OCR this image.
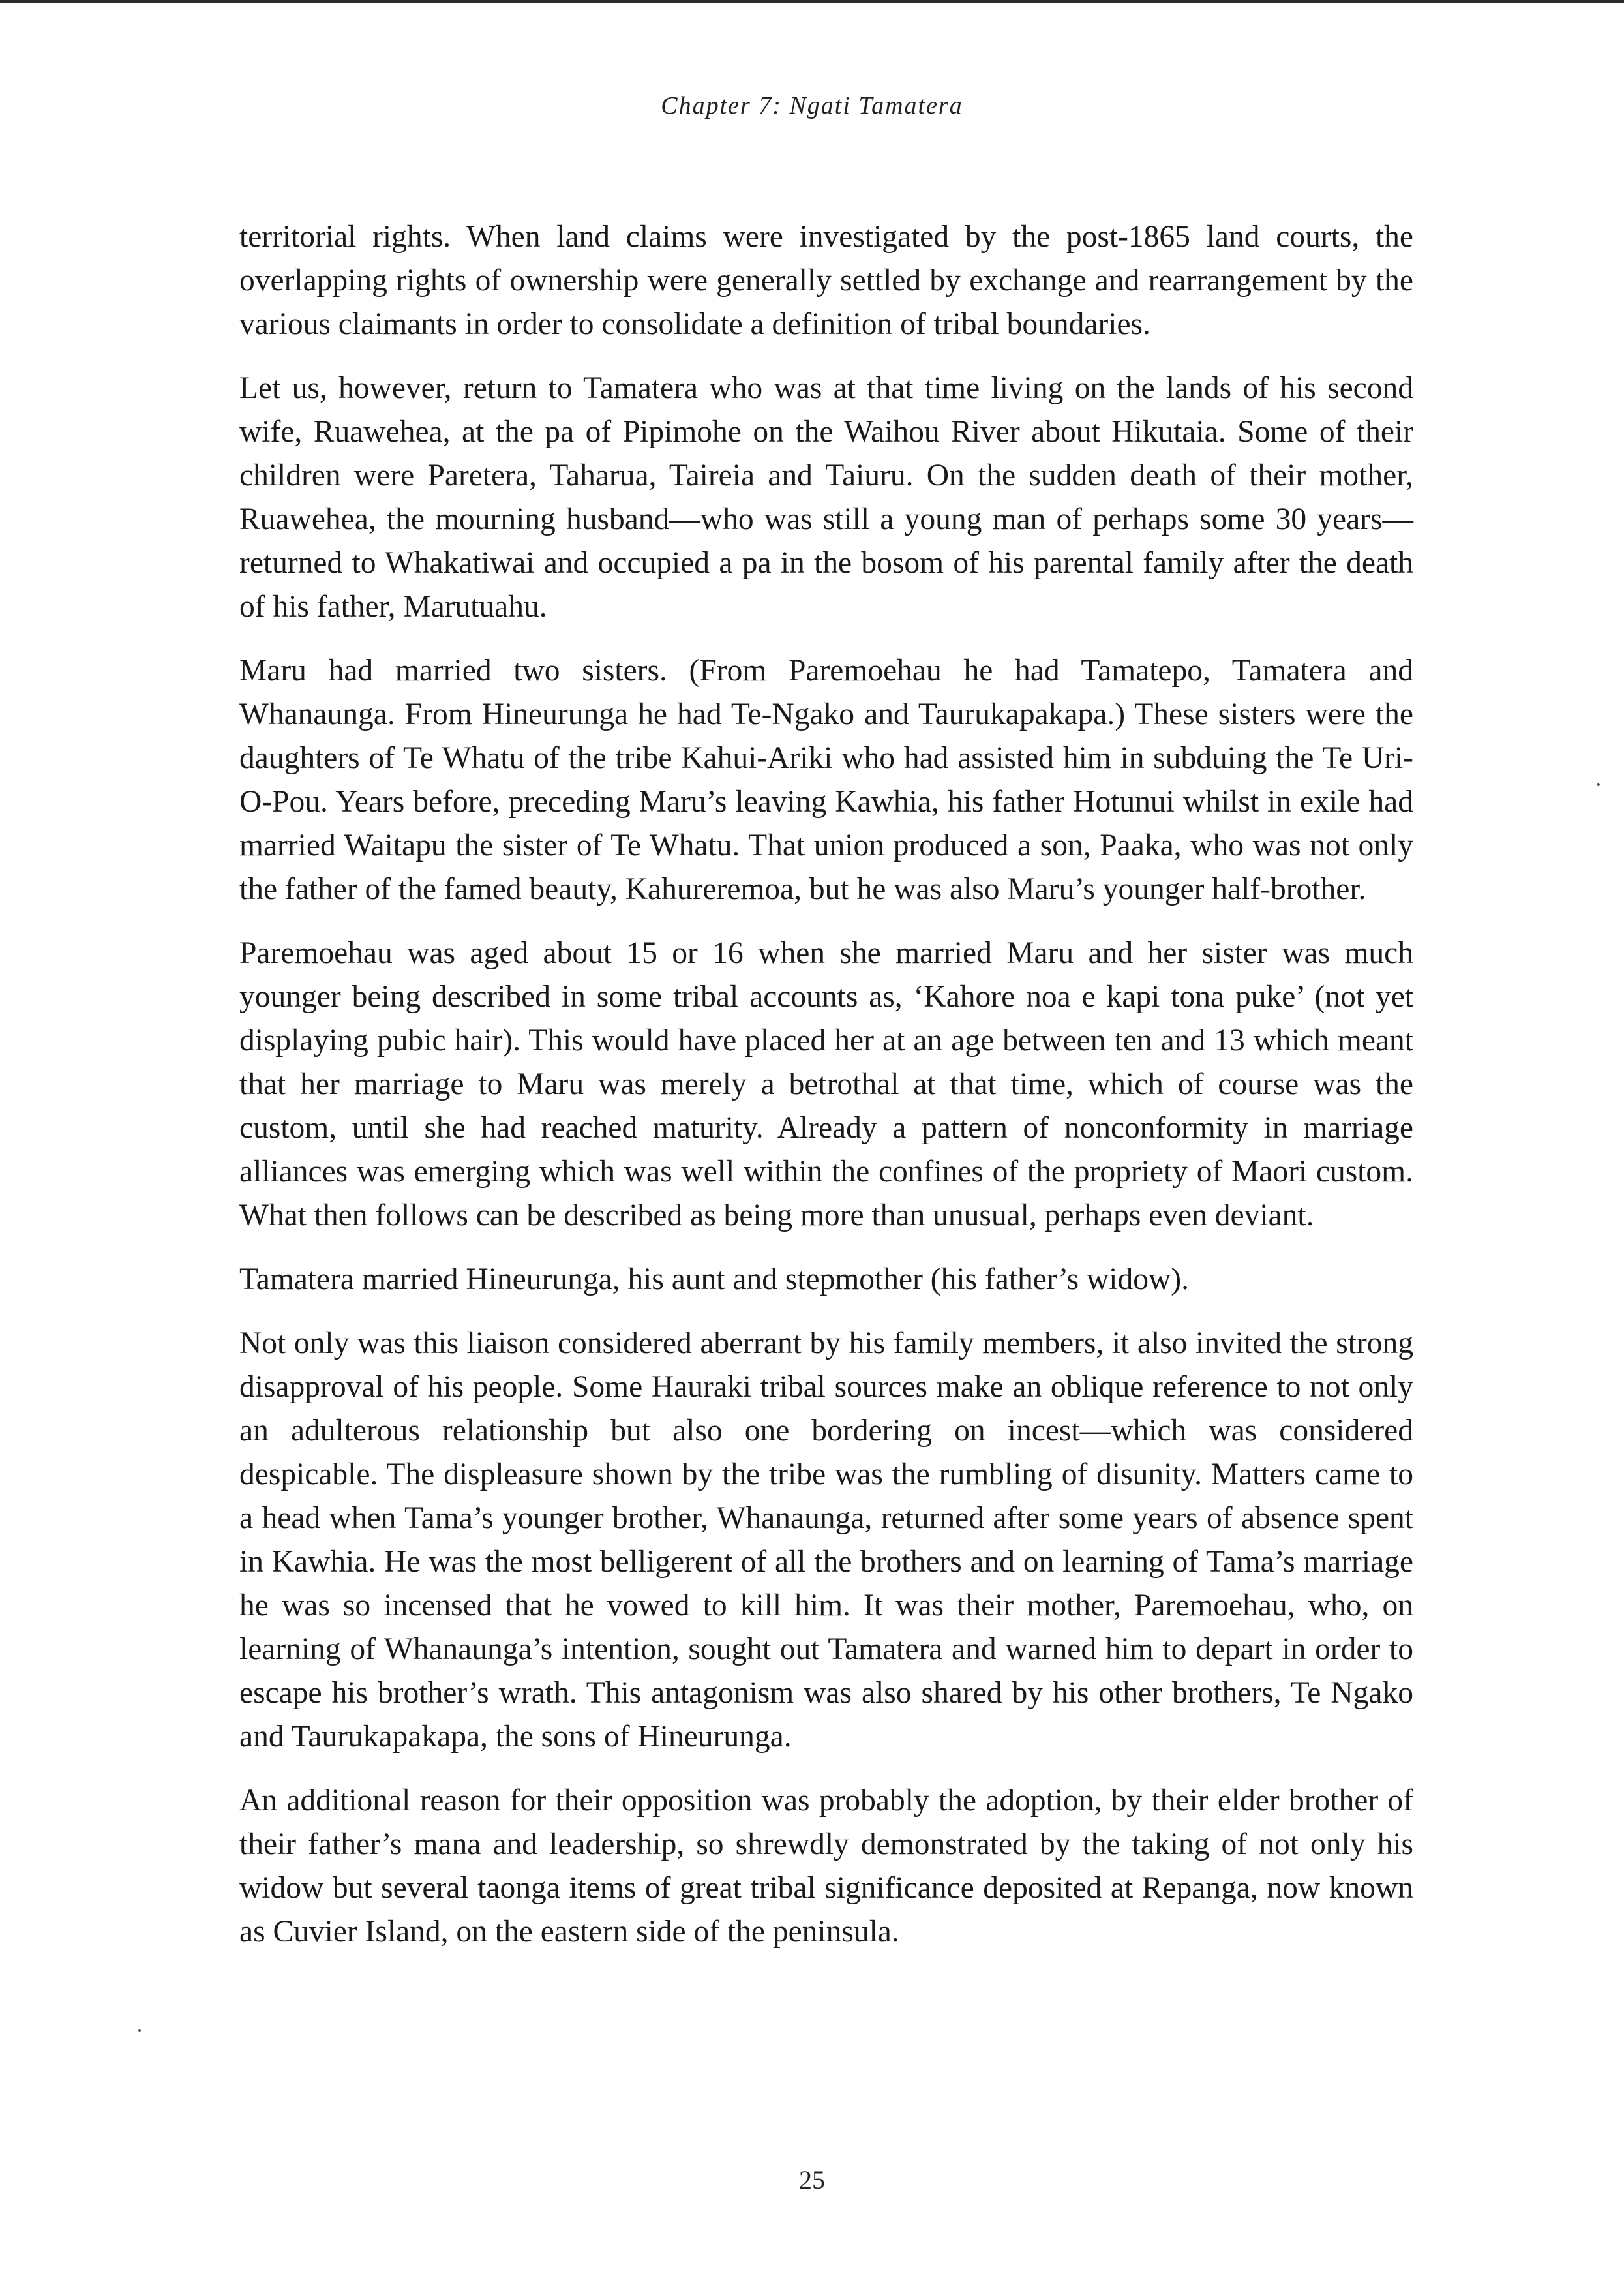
Chapter 7: Ngati Tamatera

territorial rights. When land claims were investigated by the post-1865 land courts, the overlapping rights of ownership were generally settled by exchange and rearrangement by the various claimants in order to consolidate a definition of tribal boundaries.

Let us, however, return to Tamatera who was at that time living on the lands of his second wife, Ruawehea, at the pa of Pipimohe on the Waihou River about Hikutaia. Some of their children were Paretera, Taharua, Taireia and Taiuru. On the sudden death of their mother, Ruawehea, the mourning husband—who was still a young man of perhaps some 30 years—returned to Whakatiwai and occupied a pa in the bosom of his parental family after the death of his father, Marutuahu.

Maru had married two sisters. (From Paremoehau he had Tamatepo, Tamatera and Whanaunga. From Hineurunga he had Te-Ngako and Taurukapakapa.) These sisters were the daughters of Te Whatu of the tribe Kahui-Ariki who had assisted him in subduing the Te Uri-O-Pou. Years before, preceding Maru’s leaving Kawhia, his father Hotunui whilst in exile had married Waitapu the sister of Te Whatu. That union produced a son, Paaka, who was not only the father of the famed beauty, Kahureremoa, but he was also Maru’s younger half-brother.

Paremoehau was aged about 15 or 16 when she married Maru and her sister was much younger being described in some tribal accounts as, ‘Kahore noa e kapi tona puke’ (not yet displaying pubic hair). This would have placed her at an age between ten and 13 which meant that her marriage to Maru was merely a betrothal at that time, which of course was the custom, until she had reached maturity. Already a pattern of nonconformity in marriage alliances was emerging which was well within the confines of the propriety of Maori custom. What then follows can be described as being more than unusual, perhaps even deviant.

Tamatera married Hineurunga, his aunt and stepmother (his father’s widow).

Not only was this liaison considered aberrant by his family members, it also invited the strong disapproval of his people. Some Hauraki tribal sources make an oblique reference to not only an adulterous relationship but also one bordering on incest—which was considered despicable. The displeasure shown by the tribe was the rumbling of disunity. Matters came to a head when Tama’s younger brother, Whanaunga, returned after some years of absence spent in Kawhia. He was the most belligerent of all the brothers and on learning of Tama’s marriage he was so incensed that he vowed to kill him. It was their mother, Paremoehau, who, on learning of Whanaunga’s intention, sought out Tamatera and warned him to depart in order to escape his brother’s wrath. This antagonism was also shared by his other brothers, Te Ngako and Taurukapakapa, the sons of Hineurunga.

An additional reason for their opposition was probably the adoption, by their elder brother of their father’s mana and leadership, so shrewdly demonstrated by the taking of not only his widow but several taonga items of great tribal significance deposited at Repanga, now known as Cuvier Island, on the eastern side of the peninsula.

25
